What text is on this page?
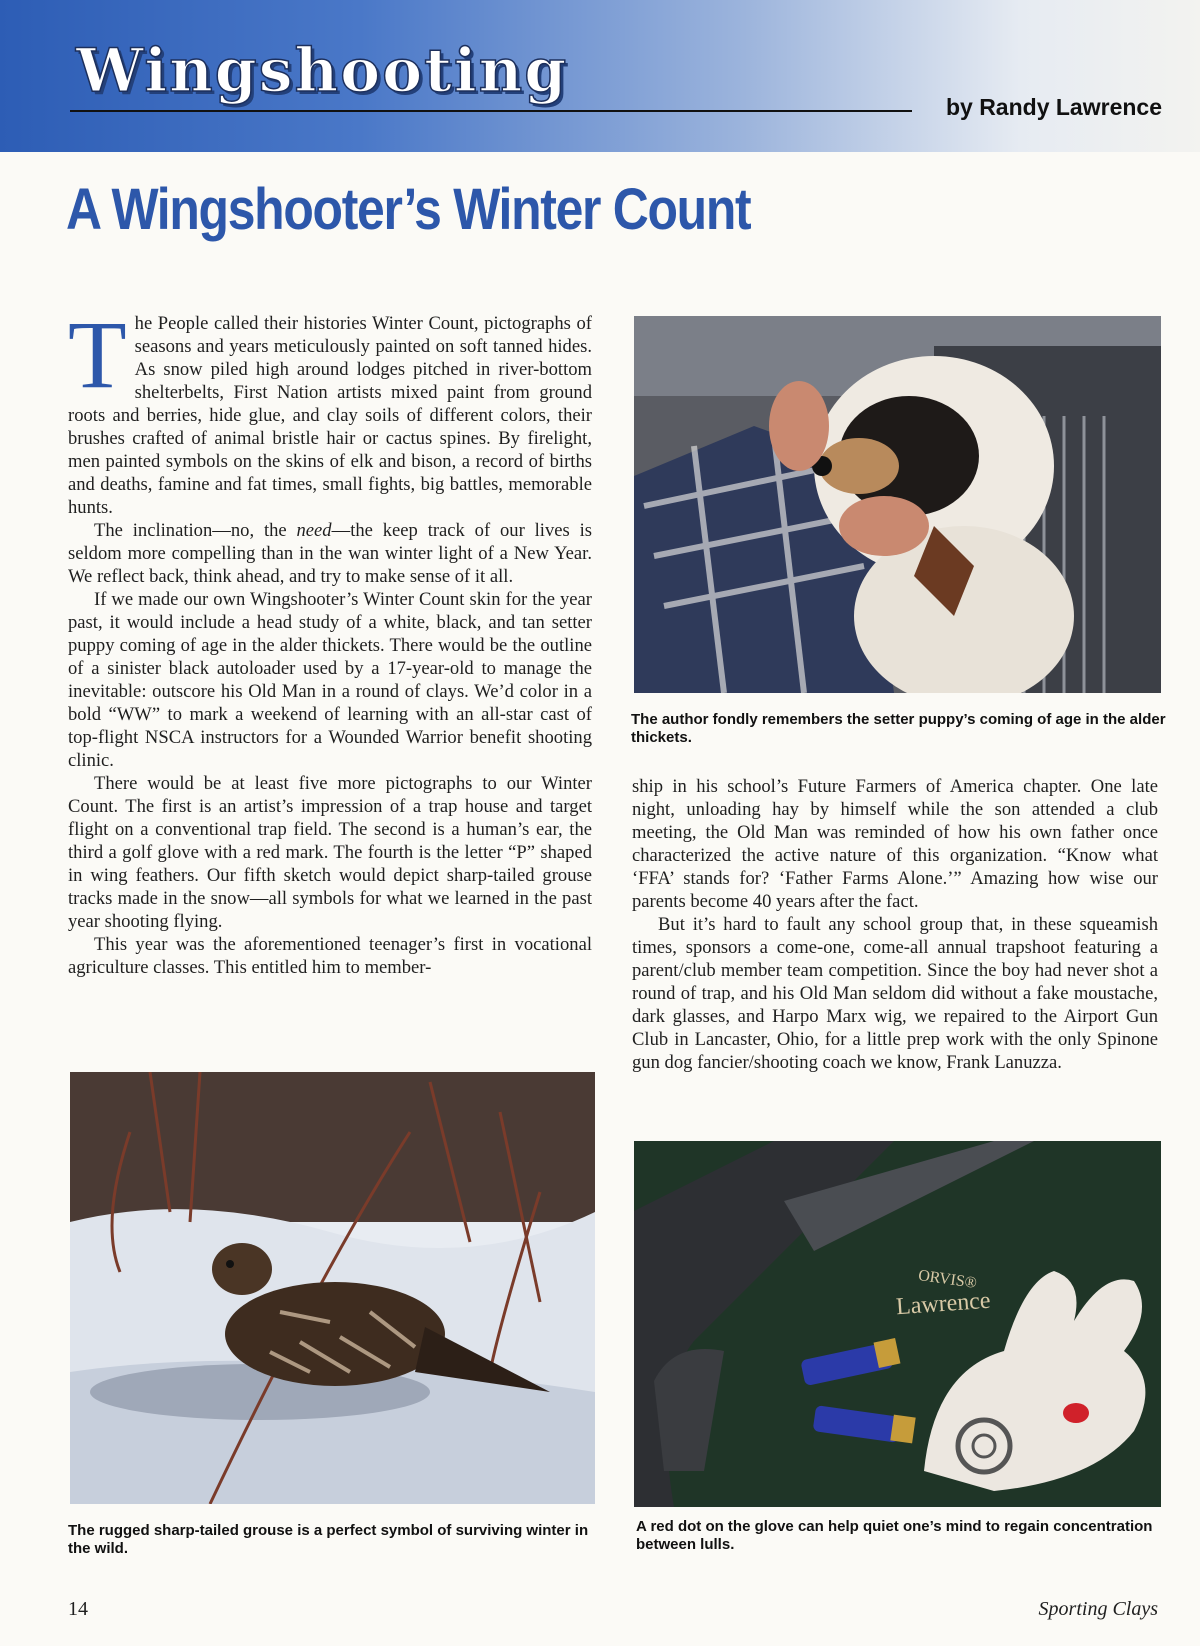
Wingshooting
by Randy Lawrence
A Wingshooter’s Winter Count

The People called their histories Winter Count, pictographs of seasons and years meticulously painted on soft tanned hides. As snow piled high around lodges pitched in river-bottom shelterbelts, First Nation artists mixed paint from ground roots and berries, hide glue, and clay soils of different colors, their brushes crafted of animal bristle hair or cactus spines. By firelight, men painted symbols on the skins of elk and bison, a record of births and deaths, famine and fat times, small fights, big battles, memorable hunts.

The inclination—no, the need—the keep track of our lives is seldom more compelling than in the wan winter light of a New Year. We reflect back, think ahead, and try to make sense of it all.

If we made our own Wingshooter’s Winter Count skin for the year past, it would include a head study of a white, black, and tan setter puppy coming of age in the alder thickets. There would be the outline of a sinister black autoloader used by a 17-year-old to manage the inevitable: outscore his Old Man in a round of clays. We’d color in a bold “WW” to mark a weekend of learning with an all-star cast of top-flight NSCA instructors for a Wounded Warrior benefit shooting clinic.

There would be at least five more pictographs to our Winter Count. The first is an artist’s impression of a trap house and target flight on a conventional trap field. The second is a human’s ear, the third a golf glove with a red mark. The fourth is the letter “P” shaped in wing feathers. Our fifth sketch would depict sharp-tailed grouse tracks made in the snow—all symbols for what we learned in the past year shooting flying.

This year was the aforementioned teenager’s first in vocational agriculture classes. This entitled him to member-

ship in his school’s Future Farmers of America chapter. One late night, unloading hay by himself while the son attended a club meeting, the Old Man was reminded of how his own father once characterized the active nature of this organization. “Know what ‘FFA’ stands for? ‘Father Farms Alone.’” Amazing how wise our parents become 40 years after the fact.

But it’s hard to fault any school group that, in these squeamish times, sponsors a come-one, come-all annual trapshoot featuring a parent/club member team competition. Since the boy had never shot a round of trap, and his Old Man seldom did without a fake moustache, dark glasses, and Harpo Marx wig, we repaired to the Airport Gun Club in Lancaster, Ohio, for a little prep work with the only Spinone gun dog fancier/shooting coach we know, Frank Lanuzza.

The author fondly remembers the setter puppy’s coming of age in the alder thickets.
The rugged sharp-tailed grouse is a perfect symbol of surviving winter in the wild.
ORVIS®
Lawrence
A red dot on the glove can help quiet one’s mind to regain concentration between lulls.
14	Sporting Clays
